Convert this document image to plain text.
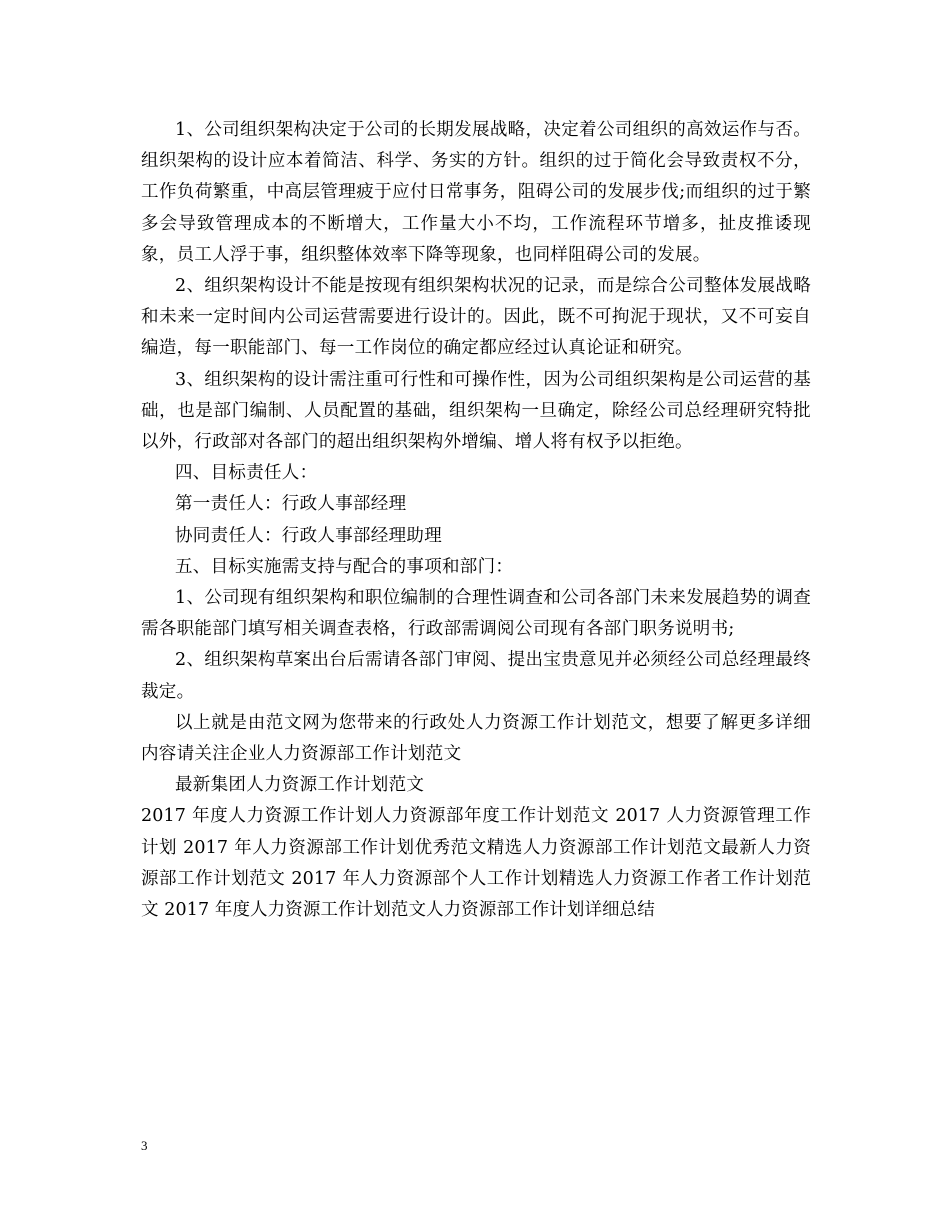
1、公司组织架构决定于公司的长期发展战略，决定着公司组织的高效运作与否。组织架构的设计应本着简洁、科学、务实的方针。组织的过于简化会导致责权不分，工作负荷繁重，中高层管理疲于应付日常事务，阻碍公司的发展步伐;而组织的过于繁多会导致管理成本的不断增大，工作量大小不均，工作流程环节增多，扯皮推诿现象，员工人浮于事，组织整体效率下降等现象，也同样阻碍公司的发展。

2、组织架构设计不能是按现有组织架构状况的记录，而是综合公司整体发展战略和未来一定时间内公司运营需要进行设计的。因此，既不可拘泥于现状，又不可妄自编造，每一职能部门、每一工作岗位的确定都应经过认真论证和研究。

3、组织架构的设计需注重可行性和可操作性，因为公司组织架构是公司运营的基础，也是部门编制、人员配置的基础，组织架构一旦确定，除经公司总经理研究特批以外，行政部对各部门的超出组织架构外增编、增人将有权予以拒绝。

四、目标责任人：

第一责任人：行政人事部经理

协同责任人：行政人事部经理助理

五、目标实施需支持与配合的事项和部门：

1、公司现有组织架构和职位编制的合理性调查和公司各部门未来发展趋势的调查需各职能部门填写相关调查表格，行政部需调阅公司现有各部门职务说明书;

2、组织架构草案出台后需请各部门审阅、提出宝贵意见并必须经公司总经理最终裁定。

以上就是由范文网为您带来的行政处人力资源工作计划范文，想要了解更多详细内容请关注企业人力资源部工作计划范文

最新集团人力资源工作计划范文

2017 年度人力资源工作计划人力资源部年度工作计划范文 2017 人力资源管理工作计划 2017 年人力资源部工作计划优秀范文精选人力资源部工作计划范文最新人力资源部工作计划范文 2017 年人力资源部个人工作计划精选人力资源工作者工作计划范文 2017 年度人力资源工作计划范文人力资源部工作计划详细总结

3
